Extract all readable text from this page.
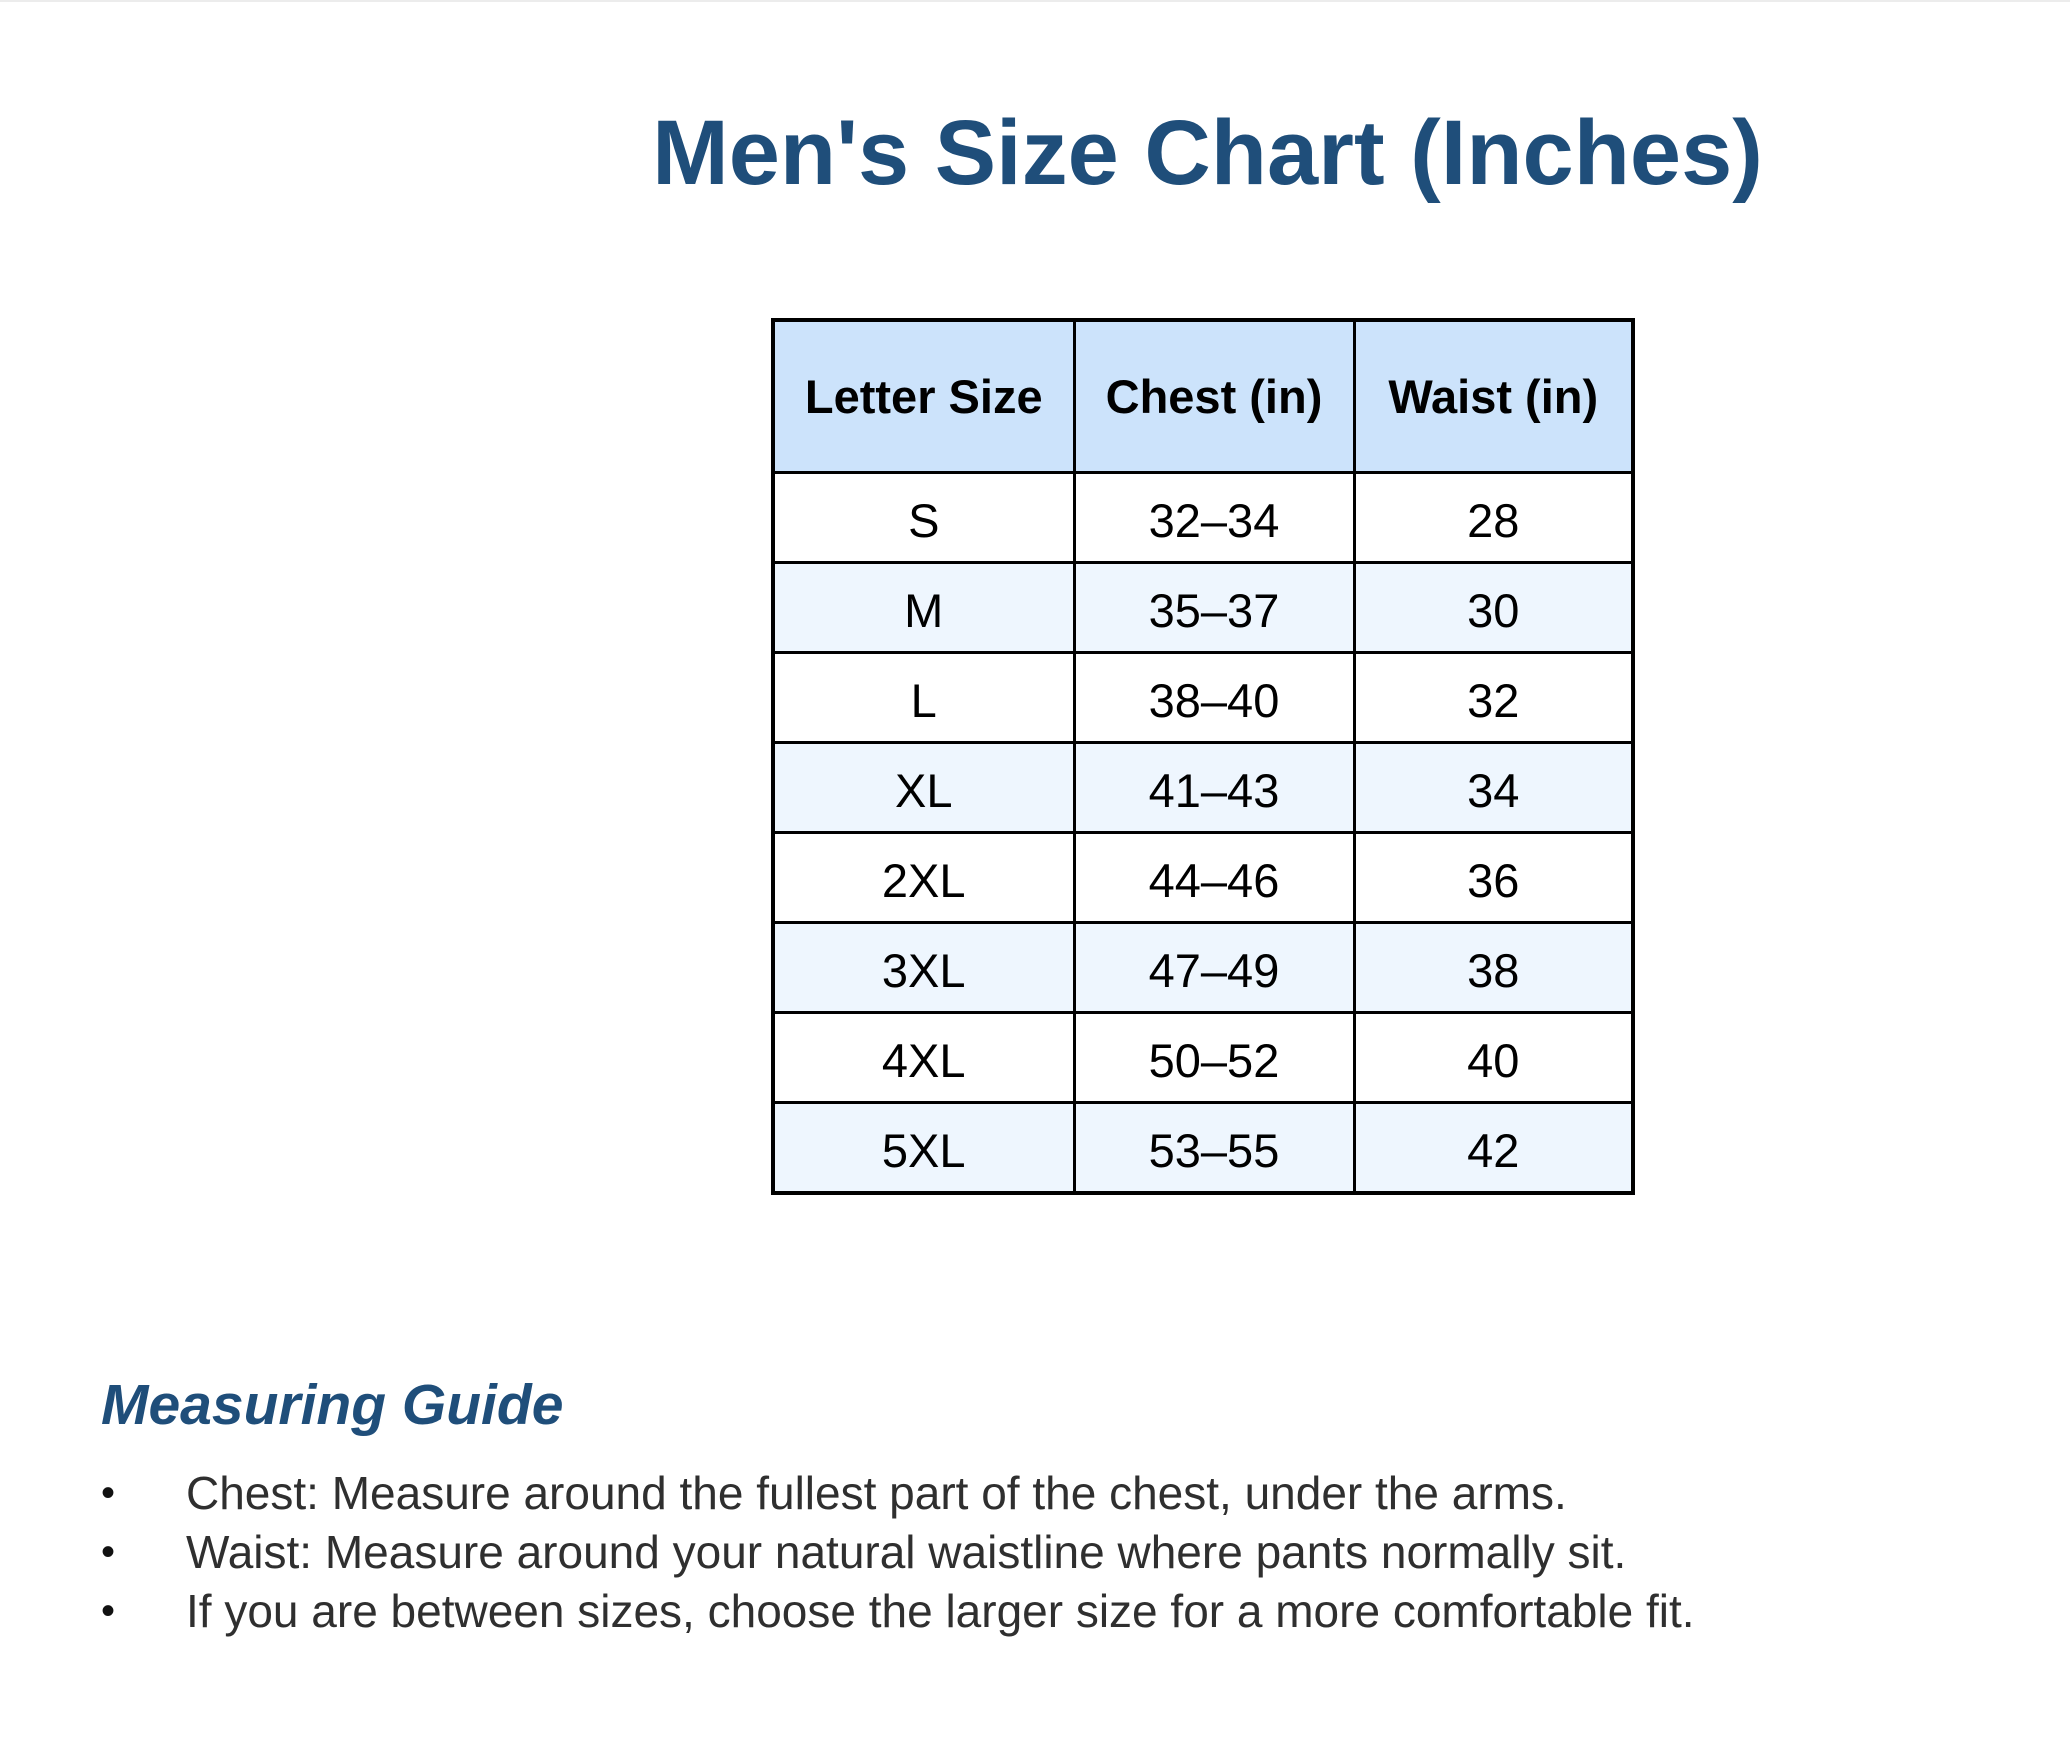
Men's Size Chart (Inches)
Letter Size	Chest (in)	Waist (in)
S	32–34	28
M	35–37	30
L	38–40	32
XL	41–43	34
2XL	44–46	36
3XL	47–49	38
4XL	50–52	40
5XL	53–55	42
Measuring Guide
• Chest: Measure around the fullest part of the chest, under the arms.
• Waist: Measure around your natural waistline where pants normally sit.
• If you are between sizes, choose the larger size for a more comfortable fit.
